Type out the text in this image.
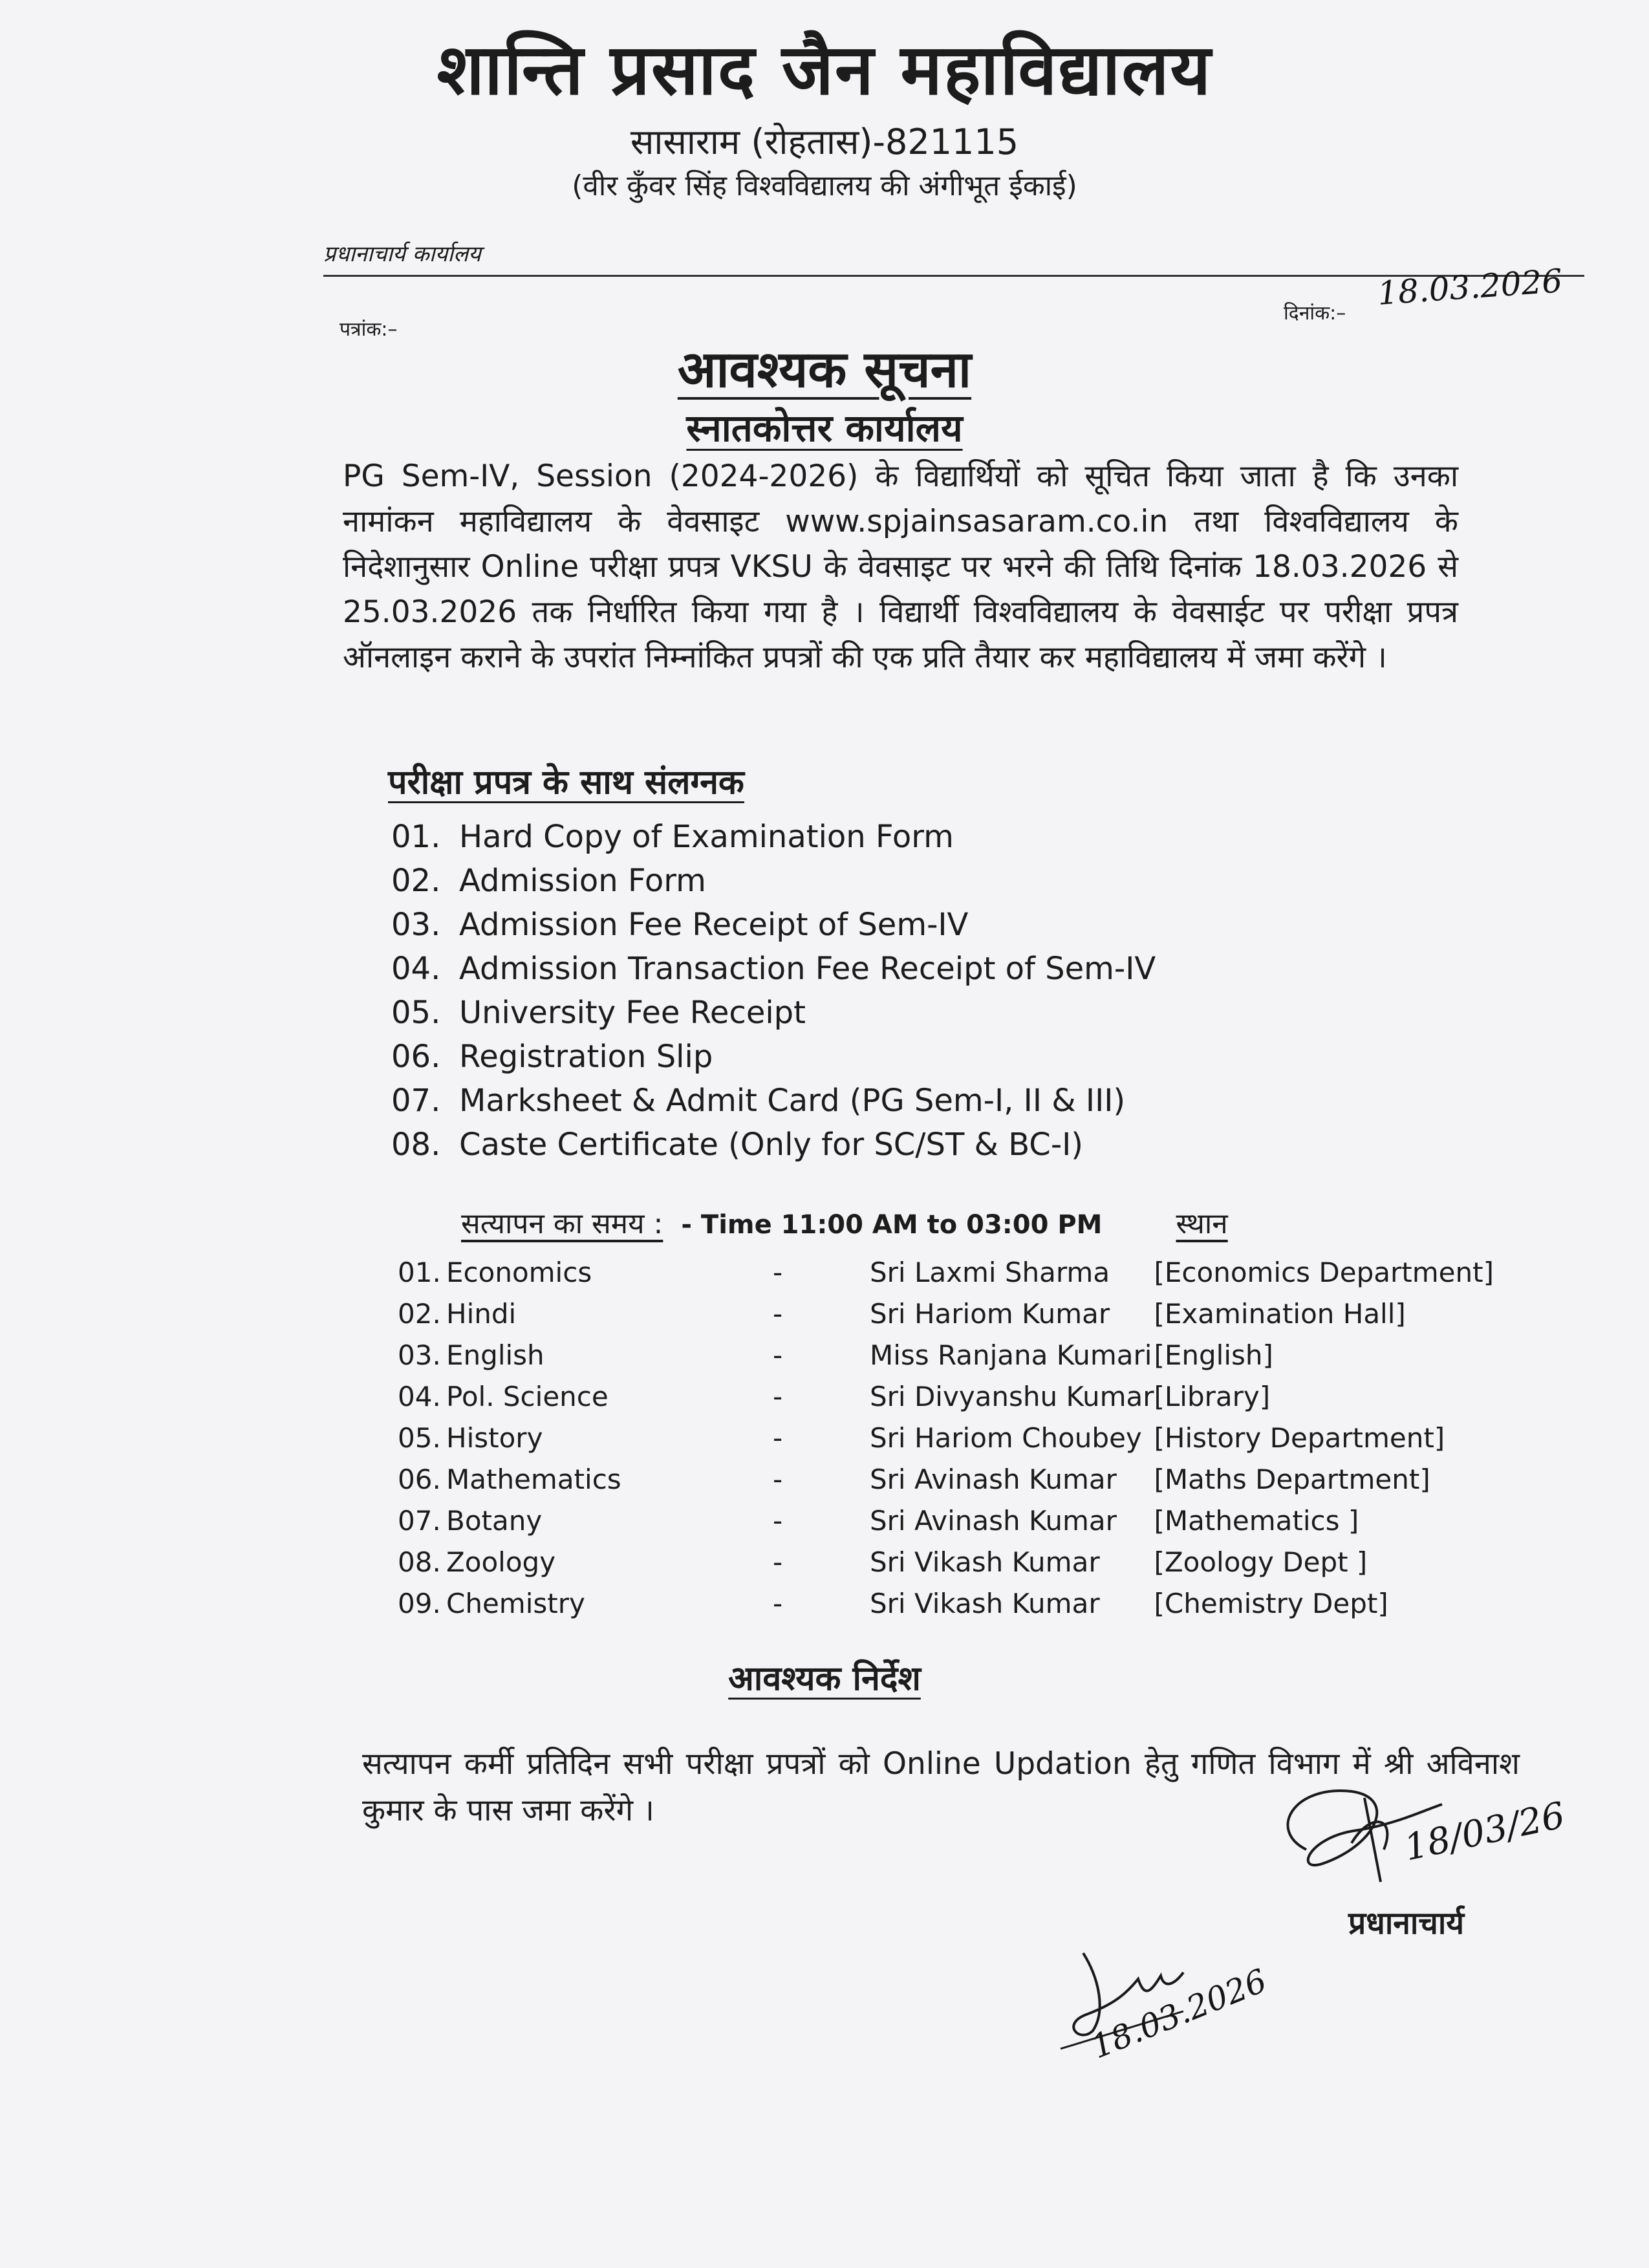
शान्ति प्रसाद जैन महाविद्यालय
सासाराम (रोहतास)-821115
(वीर कुँवर सिंह विश्वविद्यालय की अंगीभूत ईकाई)
प्रधानाचार्य कार्यालय
पत्रांक:–
दिनांक:–
18.03.2026
आवश्यक सूचना
स्नातकोत्तर कार्यालय
PG Sem-IV, Session (2024-2026) के विद्यार्थियों को सूचित किया जाता है कि उनका नामांकन महाविद्यालय के वेवसाइट www.spjainsasaram.co.in तथा विश्वविद्यालय के निदेशानुसार Online परीक्षा प्रपत्र VKSU के वेवसाइट पर भरने की तिथि दिनांक 18.03.2026 से 25.03.2026 तक निर्धारित किया गया है । विद्यार्थी विश्वविद्यालय के वेवसाईट पर परीक्षा प्रपत्र ऑनलाइन कराने के उपरांत निम्नांकित प्रपत्रों की एक प्रति तैयार कर महाविद्यालय में जमा करेंगे ।
परीक्षा प्रपत्र के साथ संलग्नक
01. Hard Copy of Examination Form
02. Admission Form
03. Admission Fee Receipt of Sem-IV
04. Admission Transaction Fee Receipt of Sem-IV
05. University Fee Receipt
06. Registration Slip
07. Marksheet & Admit Card (PG Sem-I, II & III)
08. Caste Certificate (Only for SC/ST & BC-I)
सत्यापन का समय : - Time 11:00 AM to 03:00 PM	स्थान
01.	Economics	-	Sri Laxmi Sharma	[Economics Department]
02.	Hindi	-	Sri Hariom Kumar	[Examination Hall]
03.	English	-	Miss Ranjana Kumari	[English]
04.	Pol. Science	-	Sri Divyanshu Kumar	[Library]
05.	History	-	Sri Hariom Choubey	[History Department]
06.	Mathematics	-	Sri Avinash Kumar	[Maths Department]
07.	Botany	-	Sri Avinash Kumar	[Mathematics ]
08.	Zoology	-	Sri Vikash Kumar	[Zoology Dept ]
09.	Chemistry	-	Sri Vikash Kumar	[Chemistry Dept]
आवश्यक निर्देश
सत्यापन कर्मी प्रतिदिन सभी परीक्षा प्रपत्रों को Online Updation हेतु गणित विभाग में श्री अविनाश कुमार के पास जमा करेंगे ।	18/03/26
प्रधानाचार्य
18.03.2026
